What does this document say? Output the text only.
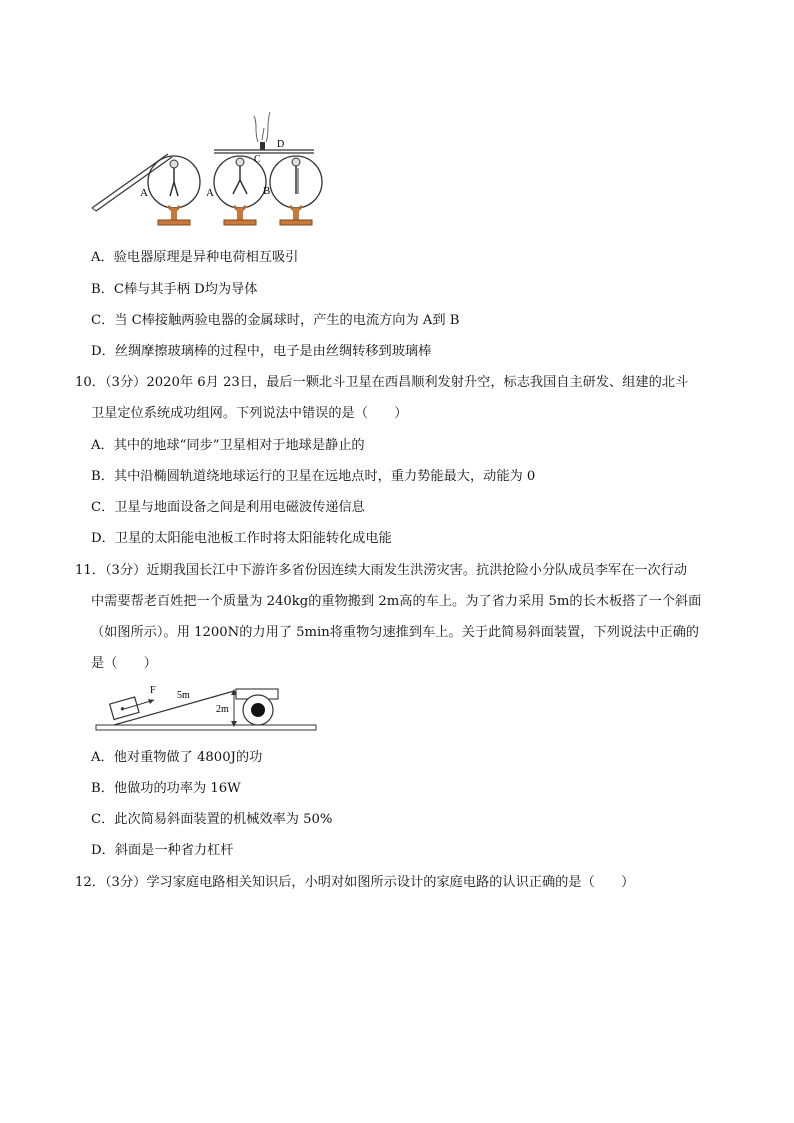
A	A	B
C
D
A．验电器原理是异种电荷相互吸引
B．C棒与其手柄 D均为导体
C．当 C棒接触两验电器的金属球时，产生的电流方向为 A到 B
D．丝绸摩擦玻璃棒的过程中，电子是由丝绸转移到玻璃棒
10．（3分）2020年 6月 23日，最后一颗北斗卫星在西昌顺利发射升空，标志我国自主研发、组建的北斗
卫星定位系统成功组网。下列说法中错误的是（　　）
A．其中的地球“同步”卫星相对于地球是静止的
B．其中沿椭圆轨道绕地球运行的卫星在远地点时，重力势能最大，动能为 0
C．卫星与地面设备之间是利用电磁波传递信息
D．卫星的太阳能电池板工作时将太阳能转化成电能
11．（3分）近期我国长江中下游许多省份因连续大雨发生洪涝灾害。抗洪抢险小分队成员李军在一次行动
中需要帮老百姓把一个质量为 240kg的重物搬到 2m高的车上。为了省力采用 5m的长木板搭了一个斜面
（如图所示）。用 1200N的力用了 5min将重物匀速推到车上。关于此简易斜面装置，下列说法中正确的
是（　　）
F 5m
2m
A．他对重物做了 4800J的功
B．他做功的功率为 16W
C．此次简易斜面装置的机械效率为 50%
D．斜面是一种省力杠杆
12．（3分）学习家庭电路相关知识后，小明对如图所示设计的家庭电路的认识正确的是（　　）
